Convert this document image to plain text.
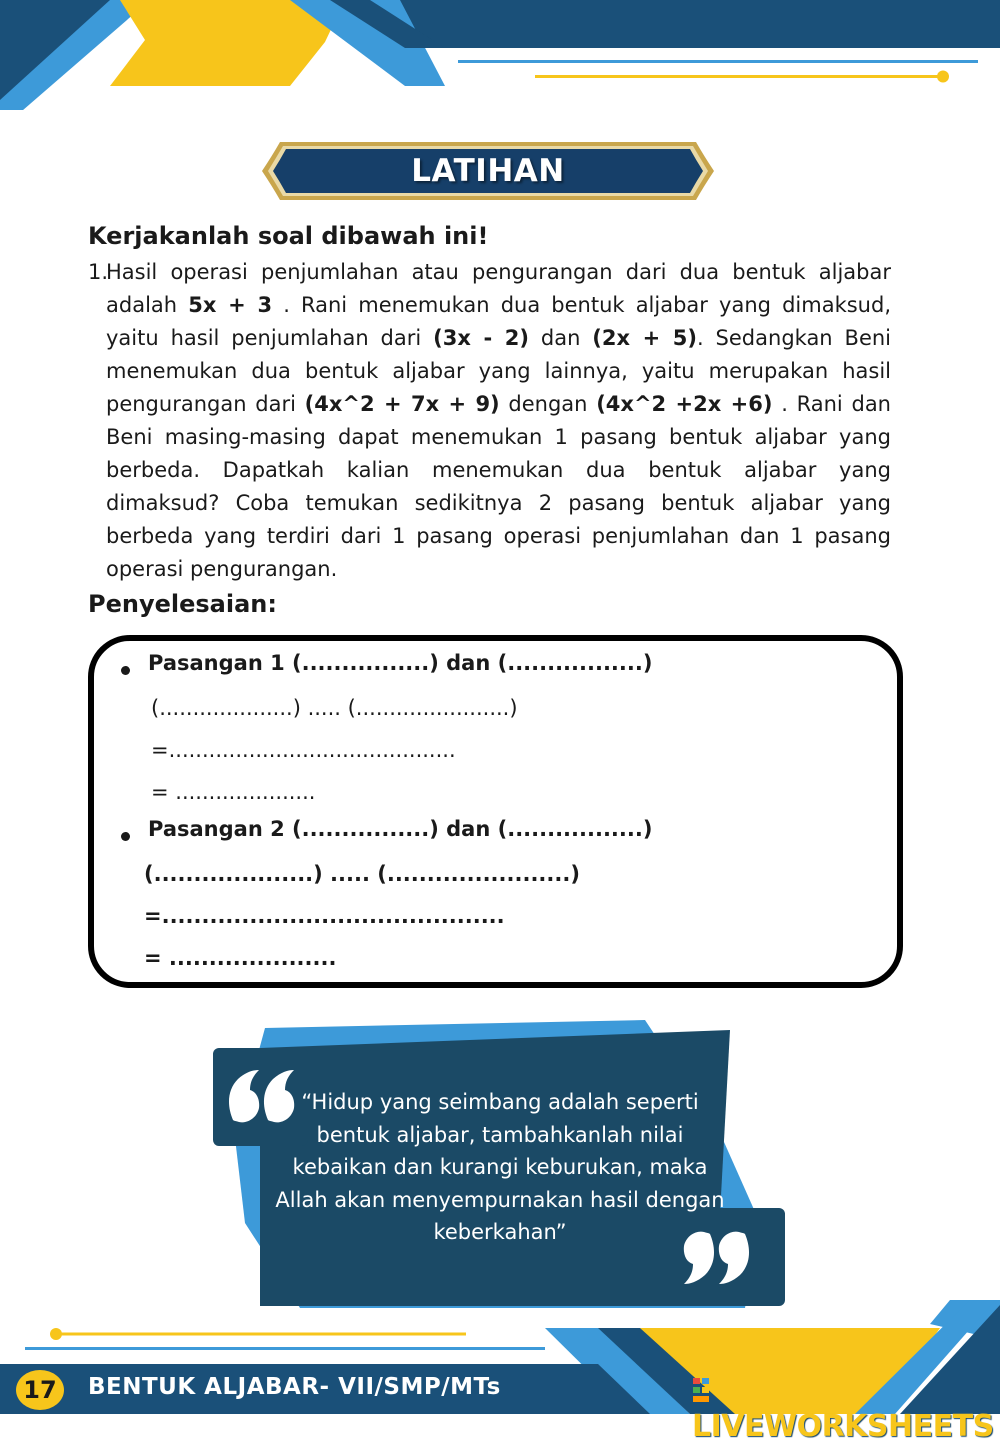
LATIHAN
Kerjakanlah soal dibawah ini!
1.
Hasil operasi penjumlahan atau pengurangan dari dua bentuk aljabar adalah 5x + 3 . Rani menemukan dua bentuk aljabar yang dimaksud, yaitu hasil penjumlahan dari (3x - 2) dan (2x + 5). Sedangkan Beni menemukan dua bentuk aljabar yang lainnya, yaitu merupakan hasil pengurangan dari (4x^2 + 7x + 9) dengan (4x^2 +2x +6) . Rani dan Beni masing-masing dapat menemukan 1 pasang bentuk aljabar yang berbeda. Dapatkah kalian menemukan dua bentuk aljabar yang dimaksud? Coba temukan sedikitnya 2 pasang bentuk aljabar yang berbeda yang terdiri dari 1 pasang operasi penjumlahan dan 1 pasang operasi pengurangan.
Penyelesaian:
Pasangan 1 (................) dan (.................)
(....................) ..... (.......................)
=...........................................
= .....................
Pasangan 2 (................) dan (.................)
(....................) ..... (.......................)
=...........................................
= .....................
“Hidup yang seimbang adalah seperti bentuk aljabar, tambahkanlah nilai kebaikan dan kurangi keburukan, maka Allah akan menyempurnakan hasil dengan keberkahan”
17	BENTUK ALJABAR- VII/SMP/MTs
LIVEWORKSHEETS
